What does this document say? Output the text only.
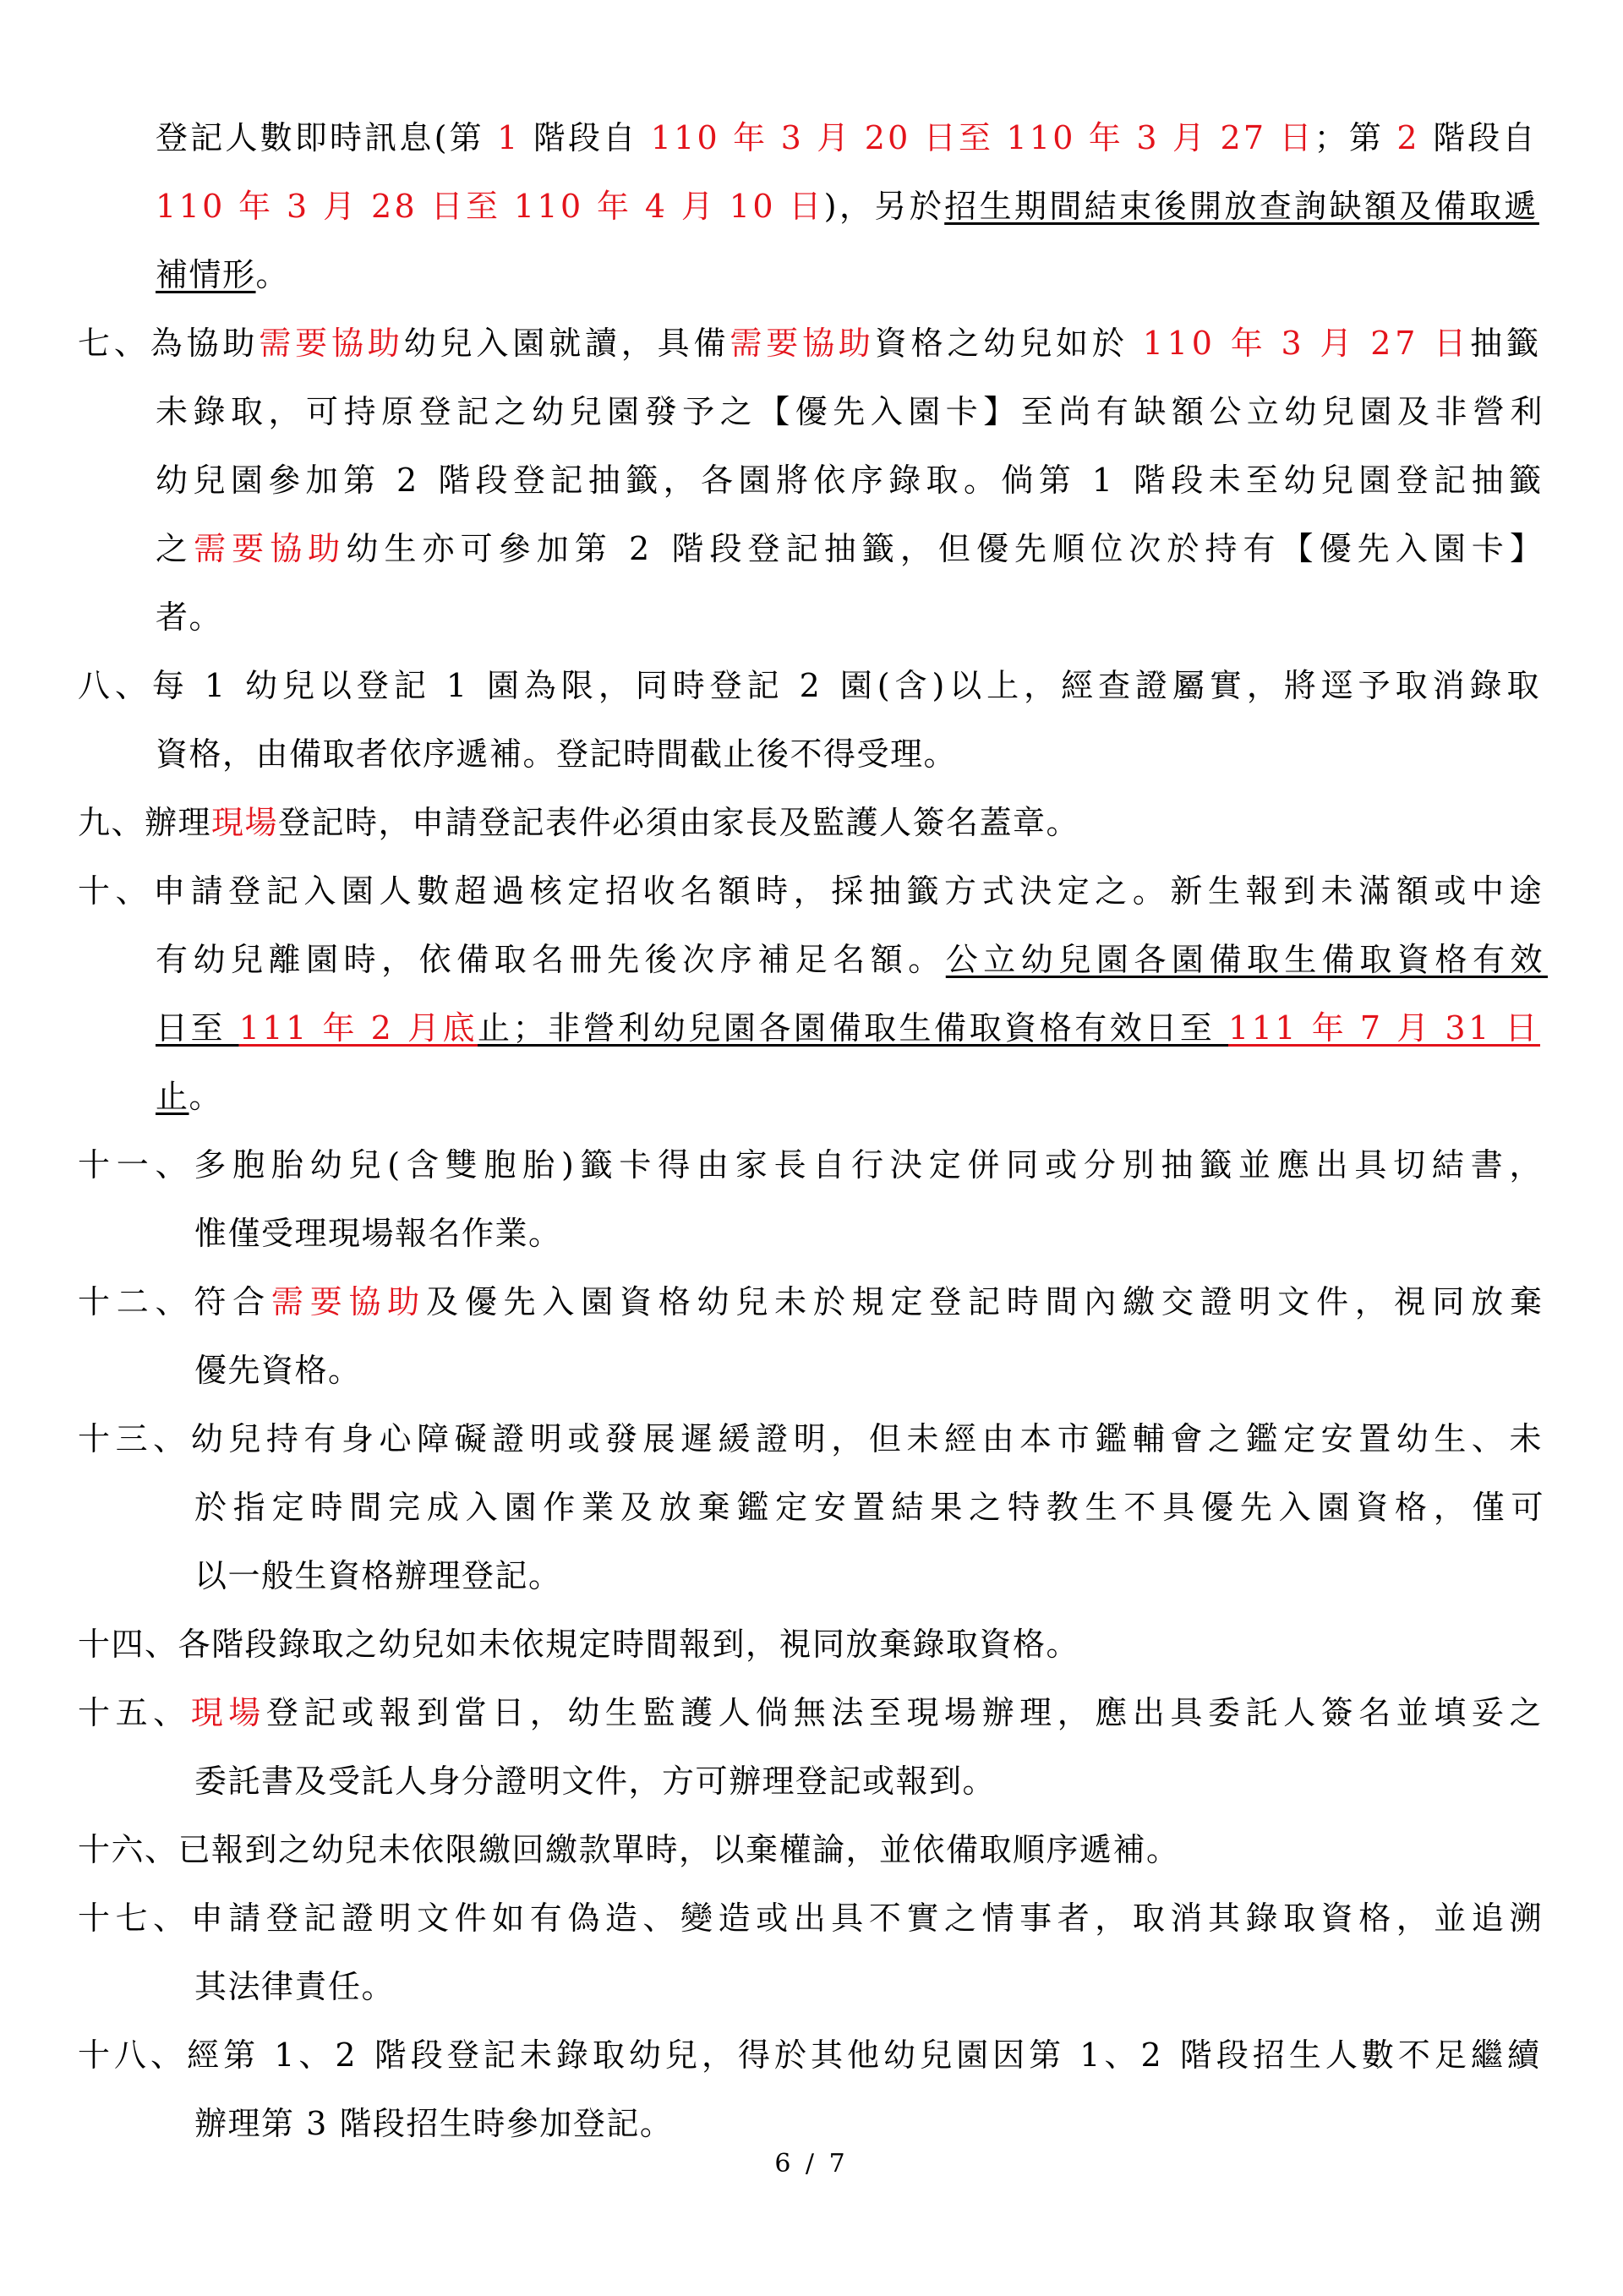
登記人數即時訊息(第 1 階段自 110 年 3 月 20 日至 110 年 3 月 27 日；第 2 階段自
110 年 3 月 28 日至 110 年 4 月 10 日)，另於招生期間結束後開放查詢缺額及備取遞
補情形。
七、為協助需要協助幼兒入園就讀，具備需要協助資格之幼兒如於 110 年 3 月 27 日抽籤
未錄取，可持原登記之幼兒園發予之【優先入園卡】至尚有缺額公立幼兒園及非營利
幼兒園參加第 2 階段登記抽籤，各園將依序錄取。倘第 1 階段未至幼兒園登記抽籤
之需要協助幼生亦可參加第 2 階段登記抽籤，但優先順位次於持有【優先入園卡】
者。
八、每 1 幼兒以登記 1 園為限，同時登記 2 園(含)以上，經查證屬實，將逕予取消錄取
資格，由備取者依序遞補。登記時間截止後不得受理。
九、辦理現場登記時，申請登記表件必須由家長及監護人簽名蓋章。
十、申請登記入園人數超過核定招收名額時，採抽籤方式決定之。新生報到未滿額或中途
有幼兒離園時，依備取名冊先後次序補足名額。公立幼兒園各園備取生備取資格有效
日至 111 年 2 月底止；非營利幼兒園各園備取生備取資格有效日至 111 年 7 月 31 日
止。
十一、多胞胎幼兒(含雙胞胎)籤卡得由家長自行決定併同或分別抽籤並應出具切結書，
惟僅受理現場報名作業。
十二、符合需要協助及優先入園資格幼兒未於規定登記時間內繳交證明文件，視同放棄
優先資格。
十三、幼兒持有身心障礙證明或發展遲緩證明，但未經由本市鑑輔會之鑑定安置幼生、未
於指定時間完成入園作業及放棄鑑定安置結果之特教生不具優先入園資格，僅可
以一般生資格辦理登記。
十四、各階段錄取之幼兒如未依規定時間報到，視同放棄錄取資格。
十五、現場登記或報到當日，幼生監護人倘無法至現場辦理，應出具委託人簽名並填妥之
委託書及受託人身分證明文件，方可辦理登記或報到。
十六、已報到之幼兒未依限繳回繳款單時，以棄權論，並依備取順序遞補。
十七、申請登記證明文件如有偽造、變造或出具不實之情事者，取消其錄取資格，並追溯
其法律責任。
十八、經第 1、2 階段登記未錄取幼兒，得於其他幼兒園因第 1、2 階段招生人數不足繼續
辦理第 3 階段招生時參加登記。
6 / 7
